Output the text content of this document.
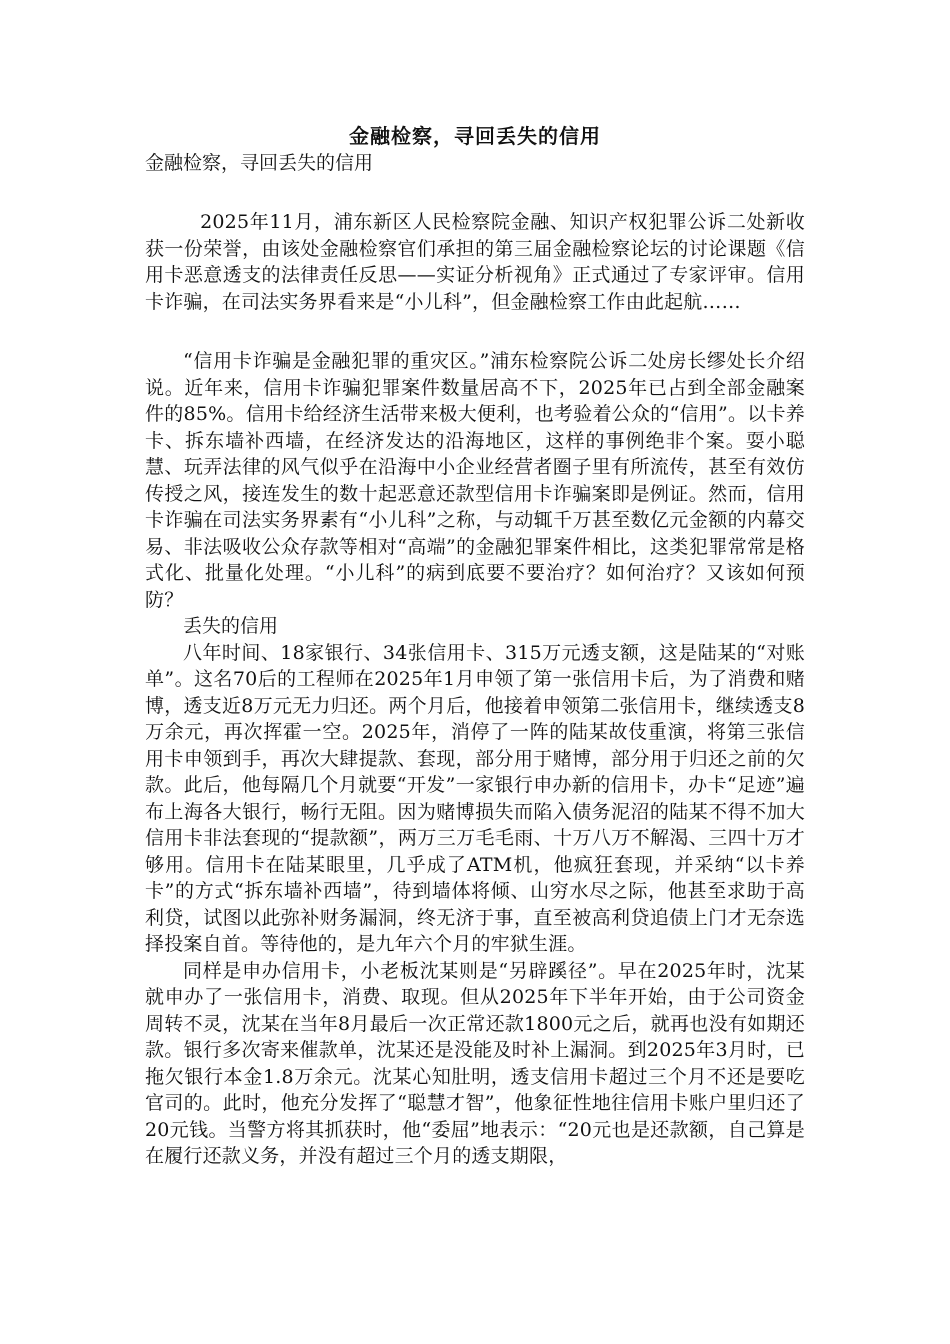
金融检察，寻回丢失的信用

金融检察，寻回丢失的信用

2025年11月，浦东新区人民检察院金融、知识产权犯罪公诉二处新收获一份荣誉，由该处金融检察官们承担的第三届金融检察论坛的讨论课题《信用卡恶意透支的法律责任反思——实证分析视角》正式通过了专家评审。信用卡诈骗，在司法实务界看来是“小儿科”，但金融检察工作由此起航……

“信用卡诈骗是金融犯罪的重灾区。”浦东检察院公诉二处房长缪处长介绍说。近年来，信用卡诈骗犯罪案件数量居高不下，2025年已占到全部金融案件的85%。信用卡给经济生活带来极大便利，也考验着公众的“信用”。以卡养卡、拆东墙补西墙，在经济发达的沿海地区，这样的事例绝非个案。耍小聪慧、玩弄法律的风气似乎在沿海中小企业经营者圈子里有所流传，甚至有效仿传授之风，接连发生的数十起恶意还款型信用卡诈骗案即是例证。然而，信用卡诈骗在司法实务界素有“小儿科”之称，与动辄千万甚至数亿元金额的内幕交易、非法吸收公众存款等相对“高端”的金融犯罪案件相比，这类犯罪常常是格式化、批量化处理。“小儿科”的病到底要不要治疗？如何治疗？又该如何预防？

丢失的信用

八年时间、18家银行、34张信用卡、315万元透支额，这是陆某的“对账单”。这名70后的工程师在2025年1月申领了第一张信用卡后，为了消费和赌博，透支近8万元无力归还。两个月后，他接着申领第二张信用卡，继续透支8万余元，再次挥霍一空。2025年，消停了一阵的陆某故伎重演，将第三张信用卡申领到手，再次大肆提款、套现，部分用于赌博，部分用于归还之前的欠款。此后，他每隔几个月就要“开发”一家银行申办新的信用卡，办卡“足迹”遍布上海各大银行，畅行无阻。因为赌博损失而陷入债务泥沼的陆某不得不加大信用卡非法套现的“提款额”，两万三万毛毛雨、十万八万不解渴、三四十万才够用。信用卡在陆某眼里，几乎成了ATM机，他疯狂套现，并采纳“以卡养卡”的方式“拆东墙补西墙”，待到墙体将倾、山穷水尽之际，他甚至求助于高利贷，试图以此弥补财务漏洞，终无济于事，直至被高利贷追债上门才无奈选择投案自首。等待他的，是九年六个月的牢狱生涯。

同样是申办信用卡，小老板沈某则是“另辟蹊径”。早在2025年时，沈某就申办了一张信用卡，消费、取现。但从2025年下半年开始，由于公司资金周转不灵，沈某在当年8月最后一次正常还款1800元之后，就再也没有如期还款。银行多次寄来催款单，沈某还是没能及时补上漏洞。到2025年3月时，已拖欠银行本金1.8万余元。沈某心知肚明，透支信用卡超过三个月不还是要吃官司的。此时，他充分发挥了“聪慧才智”，他象征性地往信用卡账户里归还了20元钱。当警方将其抓获时，他“委屈”地表示：“20元也是还款额，自己算是在履行还款义务，并没有超过三个月的透支期限，
